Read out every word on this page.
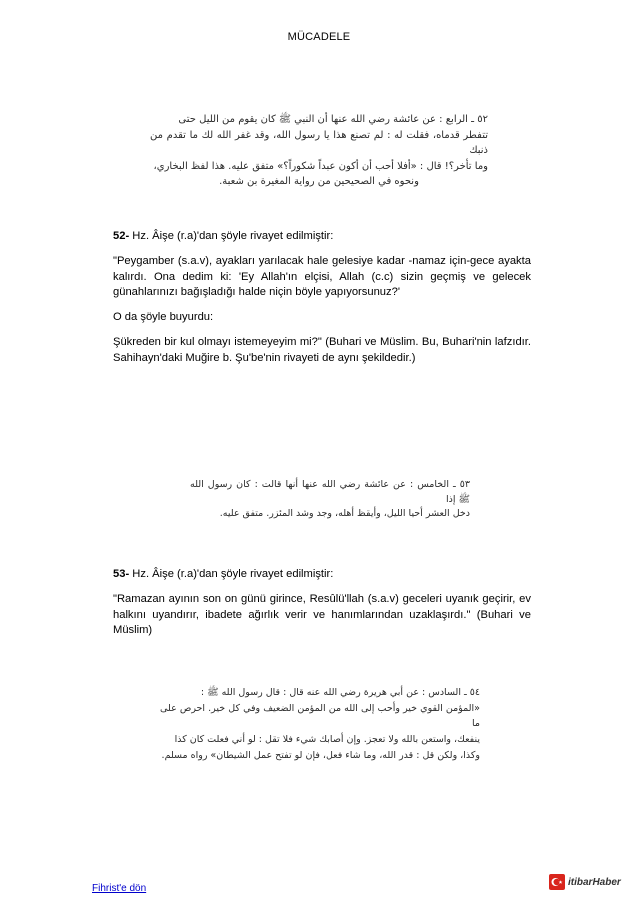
MÜCADELE
٥٢ ـ الرابع : عن عائشة رضي الله عنها أن النبي ﷺ كان يقوم من الليل حتى
تتفطر قدماه، فقلت له : لم تصنع هذا يا رسول الله، وقد غفر الله لك ما تقدم من ذنبك
وما تأخر؟! قال : «أفلا أحب أن أكون عبداً شكوراً؟» متفق عليه. هذا لفظ البخاري،
ونحوه في الصحيحين من رواية المغيرة بن شعبة.

52- Hz. Âişe (r.a)'dan şöyle rivayet edilmiştir:

"Peygamber (s.a.v), ayakları yarılacak hale gelesiye kadar -namaz için-gece ayakta kalırdı. Ona dedim ki: 'Ey Allah'ın elçisi, Allah (c.c) sizin geçmiş ve gelecek günahlarınızı bağışladığı halde niçin böyle yapıyorsunuz?'

O da şöyle buyurdu:

Şükreden bir kul olmayı istemeyeyim mi?" (Buhari ve Müslim. Bu, Buhari'nin lafzıdır. Sahihayn'daki Muğire b. Şu'be'nin rivayeti de aynı şekildedir.)

٥٣ ـ الخامس : عن عائشة رضي الله عنها أنها قالت : كان رسول الله ﷺ إذا
دخل العشر أحيا الليل، وأيقظ أهله، وجد وشد المئزر. متفق عليه.

53- Hz. Âişe (r.a)'dan şöyle rivayet edilmiştir:

"Ramazan ayının son on günü girince, Resûlü'llah (s.a.v) geceleri uyanık geçirir, ev halkını uyandırır, ibadete ağırlık verir ve hanımlarından uzaklaşırdı." (Buhari ve Müslim)

٥٤ ـ السادس : عن أبي هريرة رضي الله عنه قال : قال رسول الله ﷺ :
«المؤمن القوي خير وأحب إلى الله من المؤمن الضعيف وفي كل خير. احرص على ما
ينفعك، واستعن بالله ولا تعجز. وإن أصابك شيء فلا تقل : لو أني فعلت كان كذا
وكذا، ولكن قل : قدر الله، وما شاء فعل، فإن لو تفتح عمل الشيطان» رواه مسلم.
Fihrist'e dön
itibarHaber
